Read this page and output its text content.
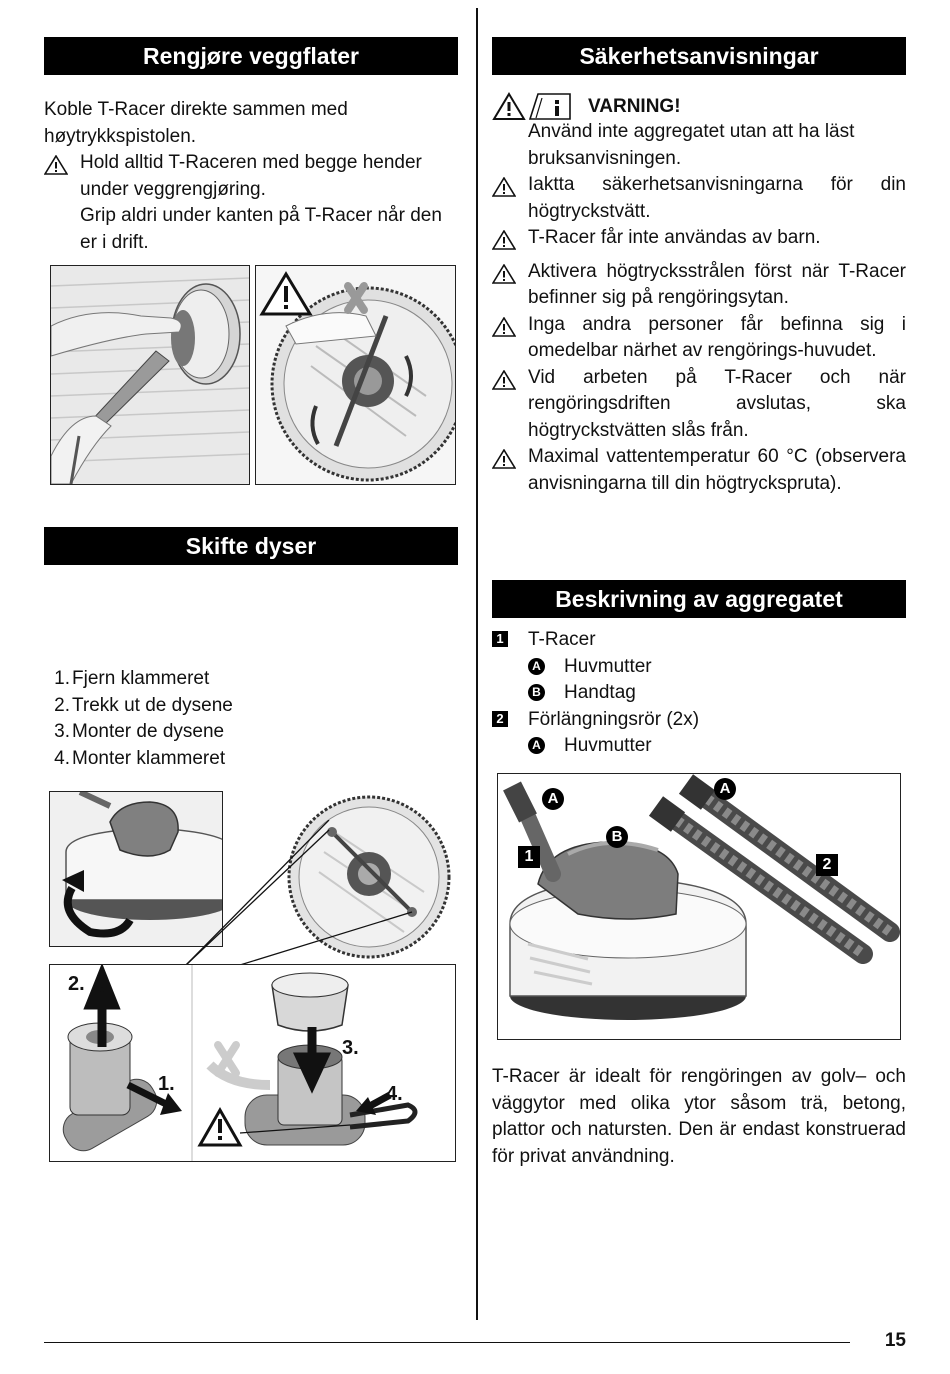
Rengjøre veggflater

Koble T-Racer direkte sammen med høytrykkspistolen.

Hold alltid T-Raceren med begge hender under veggrengjøring.

Grip aldri under kanten på T-Racer når den er i drift.

Skifte dyser
1. Fjern klammeret
2. Trekk ut de dysene
3. Monter de dysene
4. Monter klammeret
2.
1.
3.
4.
Säkerhetsanvisningar
VARNING!

Använd inte aggregatet utan att ha läst bruksanvisningen.

Iaktta säkerhetsanvisningarna för din högtryckstvätt.
T-Racer får inte användas av barn.
Aktivera högtrycksstrålen först när T-Racer befinner sig på rengöringsytan.
Inga andra personer får befinna sig i omedelbar närhet av rengörings-huvudet.
Vid arbeten på T-Racer och när rengöringsdriften avslutas, ska högtryckstvätten slås från.
Maximal vattentemperatur 60 °C (observera anvisningarna till din högtryckspruta).
Beskrivning av aggregatet
1	T-Racer
A	Huvmutter
B	Handtag
2	Förlängningsrör (2x)
A	Huvmutter
A
A
B
1	2
T-Racer är idealt för rengöringen av golv– och väggytor med olika ytor såsom trä, betong, plattor och natursten. Den är endast konstruerad för privat användning.
15
